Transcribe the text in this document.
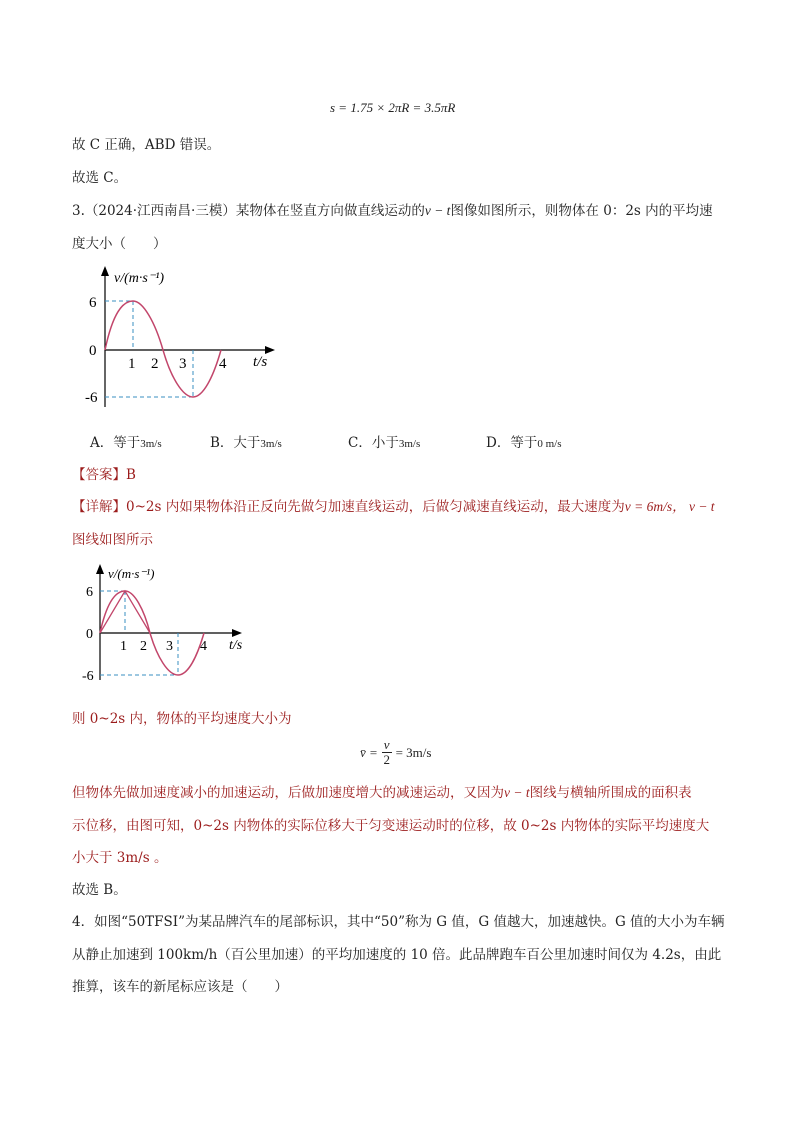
s = 1.75 × 2πR = 3.5πR
故 C 正确，ABD 错误。
故选 C。
3.（2024·江西南昌·三模）某物体在竖直方向做直线运动的v − t图像如图所示，则物体在 0：2s 内的平均速
度大小（　　）
v/(m·s⁻¹)
t/s
6
0
-6
1 2 3 4
A．等于3m/s	B．大于3m/s	C．小于3m/s	D．等于0 m/s
【答案】B
【详解】0~2s 内如果物体沿正反向先做匀加速直线运动，后做匀减速直线运动，最大速度为v = 6m/s， v − t
图线如图所示
v/(m·s⁻¹)
t/s
6
0
-6
1 2 3 4
则 0~2s 内，物体的平均速度大小为
v̄ = $\frac{v}{2} = 3m/s$
但物体先做加速度减小的加速运动，后做加速度增大的减速运动，又因为v − t图线与横轴所围成的面积表
示位移，由图可知，0~2s 内物体的实际位移大于匀变速运动时的位移，故 0~2s 内物体的实际平均速度大
小大于 3m/s 。
故选 B。
4．如图“50TFSI”为某品牌汽车的尾部标识，其中“50”称为 G 值，G 值越大，加速越快。G 值的大小为车辆
从静止加速到 100km/h（百公里加速）的平均加速度的 10 倍。此品牌跑车百公里加速时间仅为 4.2s，由此
推算，该车的新尾标应该是（　　）
